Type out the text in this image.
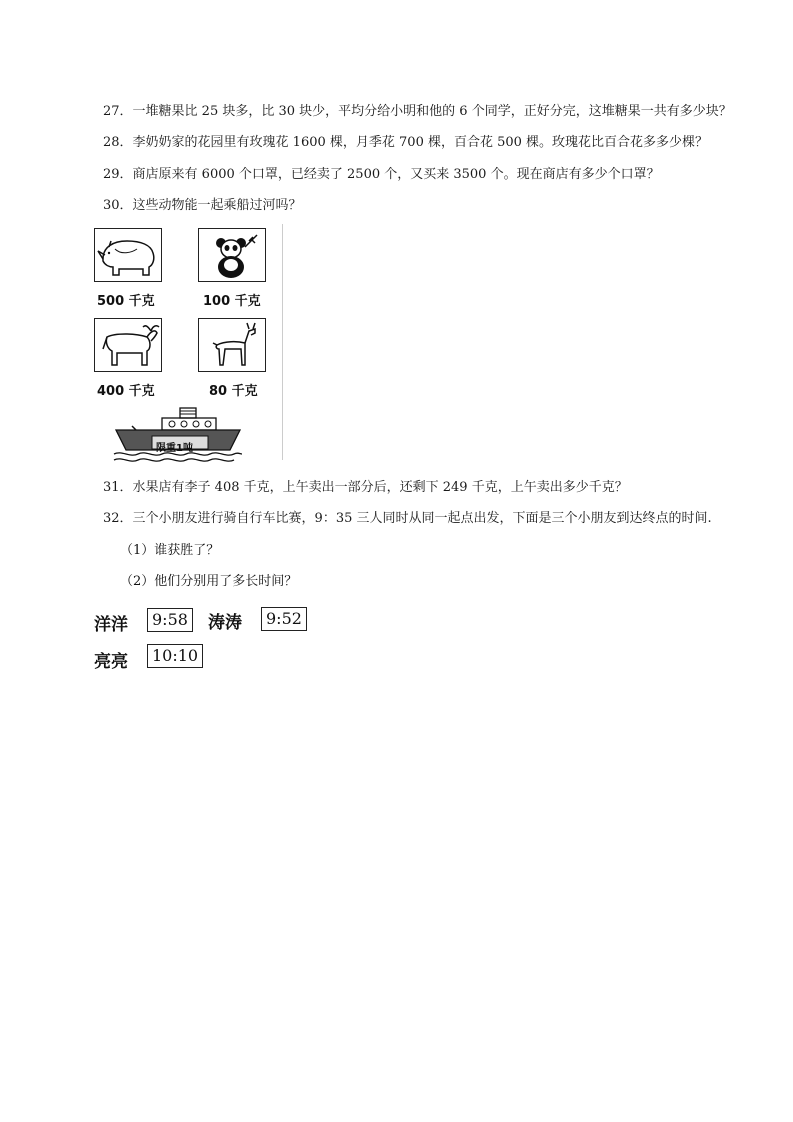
27．一堆糖果比 25 块多，比 30 块少，平均分给小明和他的 6 个同学，正好分完，这堆糖果一共有多少块？
28．李奶奶家的花园里有玫瑰花 1600 棵，月季花 700 棵，百合花 500 棵。玫瑰花比百合花多多少棵？
29．商店原来有 6000 个口罩，已经卖了 2500 个，又买来 3500 个。现在商店有多少个口罩？
30．这些动物能一起乘船过河吗？
500 千克	100 千克
400 千克	80 千克
限重1吨
31．水果店有李子 408 千克，上午卖出一部分后，还剩下 249 千克，上午卖出多少千克？
32．三个小朋友进行骑自行车比赛，9：35 三人同时从同一起点出发，下面是三个小朋友到达终点的时间.
（1）谁获胜了？
（2）他们分别用了多长时间？
洋洋	9:58 涛涛	9:52
亮亮	10:10
